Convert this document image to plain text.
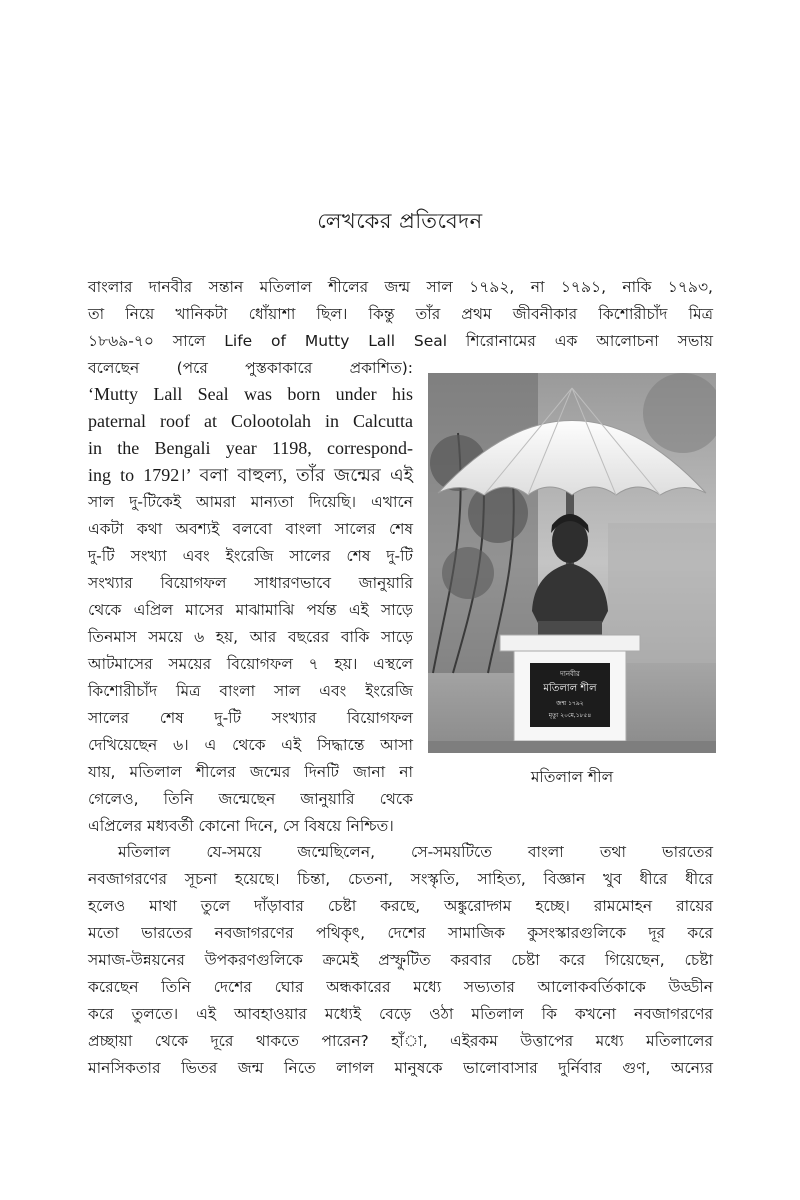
লেখকের প্রতিবেদন
বাংলার দানবীর সন্তান মতিলাল শীলের জন্ম সাল ১৭৯২, না ১৭৯১, নাকি ১৭৯৩,
তা নিয়ে খানিকটা ধোঁয়াশা ছিল। কিন্তু তাঁর প্রথম জীবনীকার কিশোরীচাঁদ মিত্র
১৮৬৯-৭০ সালে Life of Mutty Lall Seal শিরোনামের এক আলোচনা সভায়
বলেছেন (পরে পুস্তকাকারে প্রকাশিত):
‘Mutty Lall Seal was born under his
paternal roof at Colootolah in Calcutta
in the Bengali year 1198, correspond-
ing to 1792।’ বলা বাহুল্য, তাঁর জন্মের এই
সাল দু-টিকেই আমরা মান্যতা দিয়েছি। এখানে
একটা কথা অবশ্যই বলবো বাংলা সালের শেষ
দু-টি সংখ্যা এবং ইংরেজি সালের শেষ দু-টি
সংখ্যার বিয়োগফল সাধারণভাবে জানুয়ারি
থেকে এপ্রিল মাসের মাঝামাঝি পর্যন্ত এই সাড়ে
তিনমাস সময়ে ৬ হয়, আর বছরের বাকি সাড়ে
আটমাসের সময়ের বিয়োগফল ৭ হয়। এস্থলে
কিশোরীচাঁদ মিত্র বাংলা সাল এবং ইংরেজি
সালের শেষ দু-টি সংখ্যার বিয়োগফল
দেখিয়েছেন ৬। এ থেকে এই সিদ্ধান্তে আসা
যায়, মতিলাল শীলের জন্মের দিনটি জানা না
গেলেও, তিনি জন্মেছেন জানুয়ারি থেকে
এপ্রিলের মধ্যবর্তী কোনো দিনে, সে বিষয়ে নিশ্চিত।
মতিলাল যে-সময়ে জন্মেছিলেন, সে-সময়টিতে বাংলা তথা ভারতের
নবজাগরণের সূচনা হয়েছে। চিন্তা, চেতনা, সংস্কৃতি, সাহিত্য, বিজ্ঞান খুব ধীরে ধীরে
হলেও মাথা তুলে দাঁড়াবার চেষ্টা করছে, অঙ্কুরোদ্গম হচ্ছে। রামমোহন রায়ের
মতো ভারতের নবজাগরণের পথিকৃৎ, দেশের সামাজিক কুসংস্কারগুলিকে দূর করে
সমাজ-উন্নয়নের উপকরণগুলিকে ক্রমেই প্রস্ফুটিত করবার চেষ্টা করে গিয়েছেন, চেষ্টা
করেছেন তিনি দেশের ঘোর অন্ধকারের মধ্যে সভ্যতার আলোকবর্তিকাকে উড্ডীন
করে তুলতে। এই আবহাওয়ার মধ্যেই বেড়ে ওঠা মতিলাল কি কখনো নবজাগরণের
প্রচ্ছায়া থেকে দূরে থাকতে পারেন? হাঁা, এইরকম উত্তাপের মধ্যে মতিলালের
মানসিকতার ভিতর জন্ম নিতে লাগল মানুষকে ভালোবাসার দুর্নিবার গুণ, অন্যের
দানবীর
মতিলাল শীল
জন্ম ১৭৯২
মৃত্যু ২০মে,১৮৫৪
মতিলাল শীল
